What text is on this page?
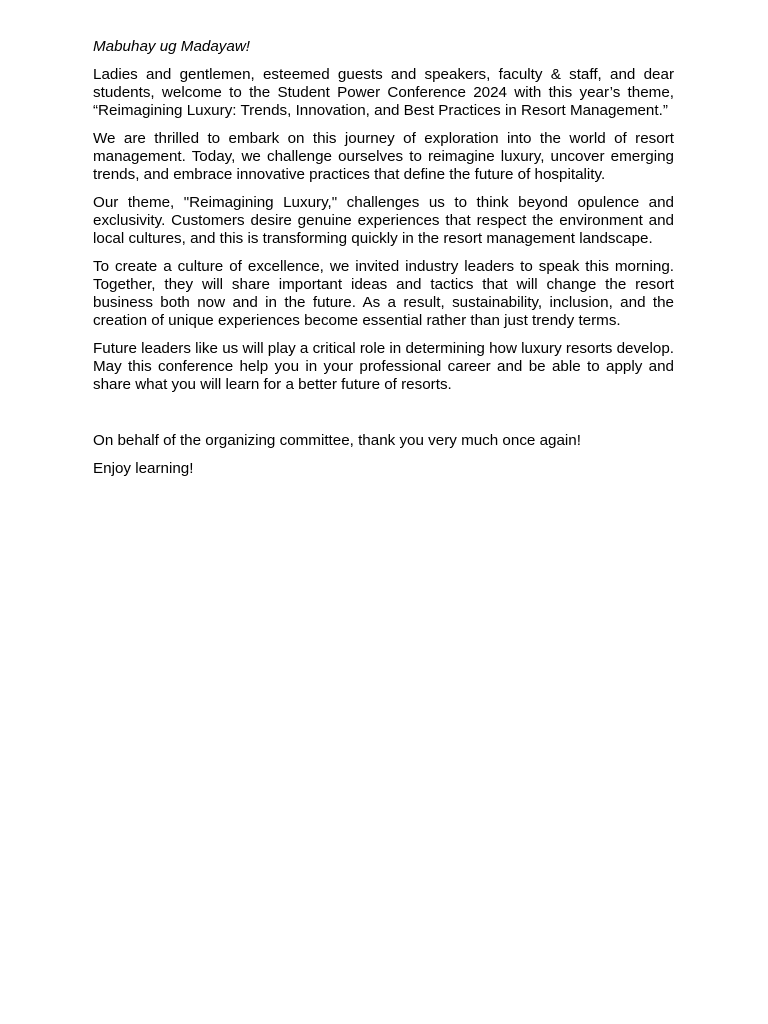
Mabuhay ug Madayaw!

Ladies and gentlemen, esteemed guests and speakers, faculty & staff, and dear students, welcome to the Student Power Conference 2024 with this year’s theme, “Reimagining Luxury: Trends, Innovation, and Best Practices in Resort Management.”

We are thrilled to embark on this journey of exploration into the world of resort management. Today, we challenge ourselves to reimagine luxury, uncover emerging trends, and embrace innovative practices that define the future of hospitality.

Our theme, "Reimagining Luxury," challenges us to think beyond opulence and exclusivity. Customers desire genuine experiences that respect the environment and local cultures, and this is transforming quickly in the resort management landscape.

To create a culture of excellence, we invited industry leaders to speak this morning. Together, they will share important ideas and tactics that will change the resort business both now and in the future. As a result, sustainability, inclusion, and the creation of unique experiences become essential rather than just trendy terms.

Future leaders like us will play a critical role in determining how luxury resorts develop. May this conference help you in your professional career and be able to apply and share what you will learn for a better future of resorts.

On behalf of the organizing committee, thank you very much once again!

Enjoy learning!
